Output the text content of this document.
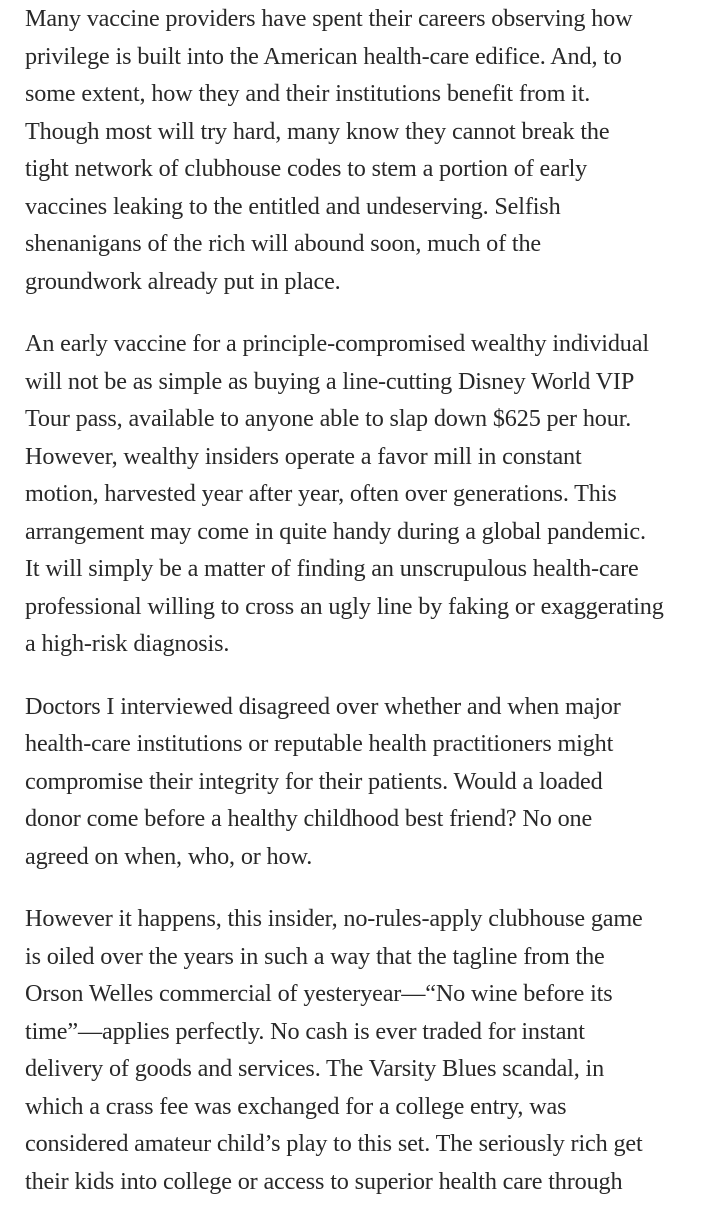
Many vaccine providers have spent their careers observing how
privilege is built into the American health-care edifice. And, to
some extent, how they and their institutions benefit from it.
Though most will try hard, many know they cannot break the
tight network of clubhouse codes to stem a portion of early
vaccines leaking to the entitled and undeserving. Selfish
shenanigans of the rich will abound soon, much of the
groundwork already put in place.

An early vaccine for a principle-compromised wealthy individual
will not be as simple as buying a line-cutting Disney World VIP
Tour pass, available to anyone able to slap down $625 per hour.
However, wealthy insiders operate a favor mill in constant
motion, harvested year after year, often over generations. This
arrangement may come in quite handy during a global pandemic.
It will simply be a matter of finding an unscrupulous health-care
professional willing to cross an ugly line by faking or exaggerating
a high-risk diagnosis.

Doctors I interviewed disagreed over whether and when major
health-care institutions or reputable health practitioners might
compromise their integrity for their patients. Would a loaded
donor come before a healthy childhood best friend? No one
agreed on when, who, or how.

However it happens, this insider, no-rules-apply clubhouse game
is oiled over the years in such a way that the tagline from the
Orson Welles commercial of yesteryear—“No wine before its
time”—applies perfectly. No cash is ever traded for instant
delivery of goods and services. The Varsity Blues scandal, in
which a crass fee was exchanged for a college entry, was
considered amateur child’s play to this set. The seriously rich get
their kids into college or access to superior health care through
